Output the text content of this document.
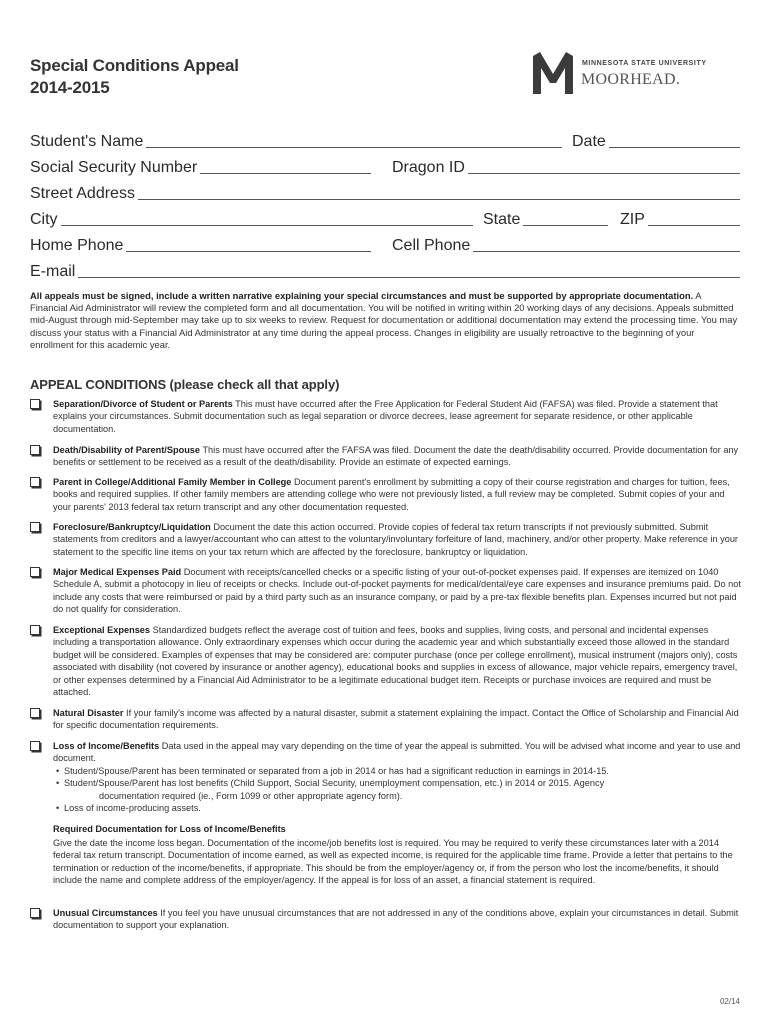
Special Conditions Appeal
2014-2015
MINNESOTA STATE UNIVERSITY
MOORHEAD.
Student's Name	Date
Social Security Number	Dragon ID
Street Address
City	State	ZIP
Home Phone	Cell Phone
E-mail
All appeals must be signed, include a written narrative explaining your special circumstances and must be supported by appropriate documentation. A Financial Aid Administrator will review the completed form and all documentation. You will be notified in writing within 20 working days of any decisions. Appeals submitted mid-August through mid-September may take up to six weeks to review. Request for documentation or additional documentation may extend the processing time. You may discuss your status with a Financial Aid Administrator at any time during the appeal process. Changes in eligibility are usually retroactive to the beginning of your enrollment for this academic year.
APPEAL CONDITIONS (please check all that apply)
Separation/Divorce of Student or Parents This must have occurred after the Free Application for Federal Student Aid (FAFSA) was filed. Provide a statement that explains your circumstances. Submit documentation such as legal separation or divorce decrees, lease agreement for separate residence, or other applicable documentation.
Death/Disability of Parent/Spouse This must have occurred after the FAFSA was filed. Document the date the death/disability occurred. Provide documentation for any benefits or settlement to be received as a result of the death/disability. Provide an estimate of expected earnings.
Parent in College/Additional Family Member in College Document parent's enrollment by submitting a copy of their course registration and charges for tuition, fees, books and required supplies. If other family members are attending college who were not previously listed, a full review may be completed. Submit copies of your and your parents' 2013 federal tax return transcript and any other documentation requested.
Foreclosure/Bankruptcy/Liquidation Document the date this action occurred. Provide copies of federal tax return transcripts if not previously submitted. Submit statements from creditors and a lawyer/accountant who can attest to the voluntary/involuntary forfeiture of land, machinery, and/or other property. Make reference in your statement to the specific line items on your tax return which are affected by the foreclosure, bankruptcy or liquidation.
Major Medical Expenses Paid Document with receipts/cancelled checks or a specific listing of your out-of-pocket expenses paid. If expenses are itemized on 1040 Schedule A, submit a photocopy in lieu of receipts or checks. Include out-of-pocket payments for medical/dental/eye care expenses and insurance premiums paid. Do not include any costs that were reimbursed or paid by a third party such as an insurance company, or paid by a pre-tax flexible benefits plan. Expenses incurred but not paid do not qualify for consideration.
Exceptional Expenses Standardized budgets reflect the average cost of tuition and fees, books and supplies, living costs, and personal and incidental expenses including a transportation allowance. Only extraordinary expenses which occur during the academic year and which substantially exceed those allowed in the standard budget will be considered. Examples of expenses that may be considered are: computer purchase (once per college enrollment), musical instrument (majors only), costs associated with disability (not covered by insurance or another agency), educational books and supplies in excess of allowance, major vehicle repairs, emergency travel, or other expenses determined by a Financial Aid Administrator to be a legitimate educational budget item. Receipts or purchase invoices are required and must be attached.
Natural Disaster If your family's income was affected by a natural disaster, submit a statement explaining the impact. Contact the Office of Scholarship and Financial Aid for specific documentation requirements.
Loss of Income/Benefits Data used in the appeal may vary depending on the time of year the appeal is submitted. You will be advised what income and year to use and document.
• Student/Spouse/Parent has been terminated or separated from a job in 2014 or has had a significant reduction in earnings in 2014-15.
• Student/Spouse/Parent has lost benefits (Child Support, Social Security, unemployment compensation, etc.) in 2014 or 2015. Agency
documentation required (ie., Form 1099 or other appropriate agency form).
• Loss of income-producing assets.
Required Documentation for Loss of Income/Benefits
Give the date the income loss began. Documentation of the income/job benefits lost is required. You may be required to verify these circumstances later with a 2014 federal tax return transcript. Documentation of income earned, as well as expected income, is required for the applicable time frame. Provide a letter that pertains to the termination or reduction of the income/benefits, if appropriate. This should be from the employer/agency or, if from the person who lost the income/benefits, it should include the name and complete address of the employer/agency. If the appeal is for loss of an asset, a financial statement is required.
Unusual Circumstances If you feel you have unusual circumstances that are not addressed in any of the conditions above, explain your circumstances in detail. Submit documentation to support your explanation.
02/14
